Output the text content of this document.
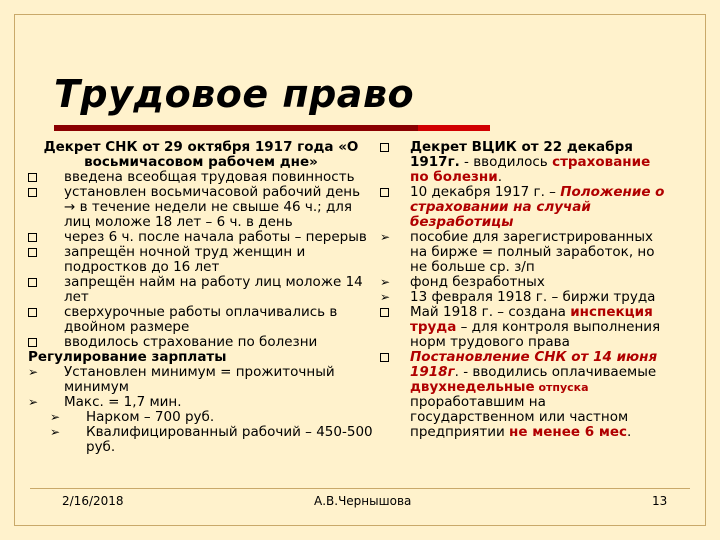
Трудовое право
Декрет СНК от 29 октября 1917 года «О
восьмичасовом рабочем дне»
введена всеобщая трудовая повинность
установлен восьмичасовой рабочий день → в течение недели не свыше 46 ч.; для лиц моложе 18 лет – 6 ч. в день
через 6 ч. после начала работы – перерыв
запрещён ночной труд женщин и подростков до 16 лет
запрещён найм на работу лиц моложе 14 лет
сверхурочные работы оплачивались в двойном размере
вводилось страхование по болезни
Регулирование зарплаты
➢	Установлен минимум = прожиточный минимум
➢	Макс. = 1,7 мин.
➢	Нарком – 700 руб.
➢	Квалифицированный рабочий – 450-500 руб.
Декрет ВЦИК от 22 декабря 1917г. - вводилось страхование по болезни.
10 декабря 1917 г. – Положение о страховании на случай безработицы
➢	пособие для зарегистрированных на бирже = полный заработок, но не больше ср. з/п
➢	фонд безработных
➢	13 февраля 1918 г. – биржи труда
Май 1918 г. – создана инспекция труда – для контроля выполнения норм трудового права
Постановление СНК от 14 июня 1918г. - вводились оплачиваемые двухнедельные отпуска проработавшим на государственном или частном предприятии не менее 6 мес.
2/16/2018	А.В.Чернышова	13
